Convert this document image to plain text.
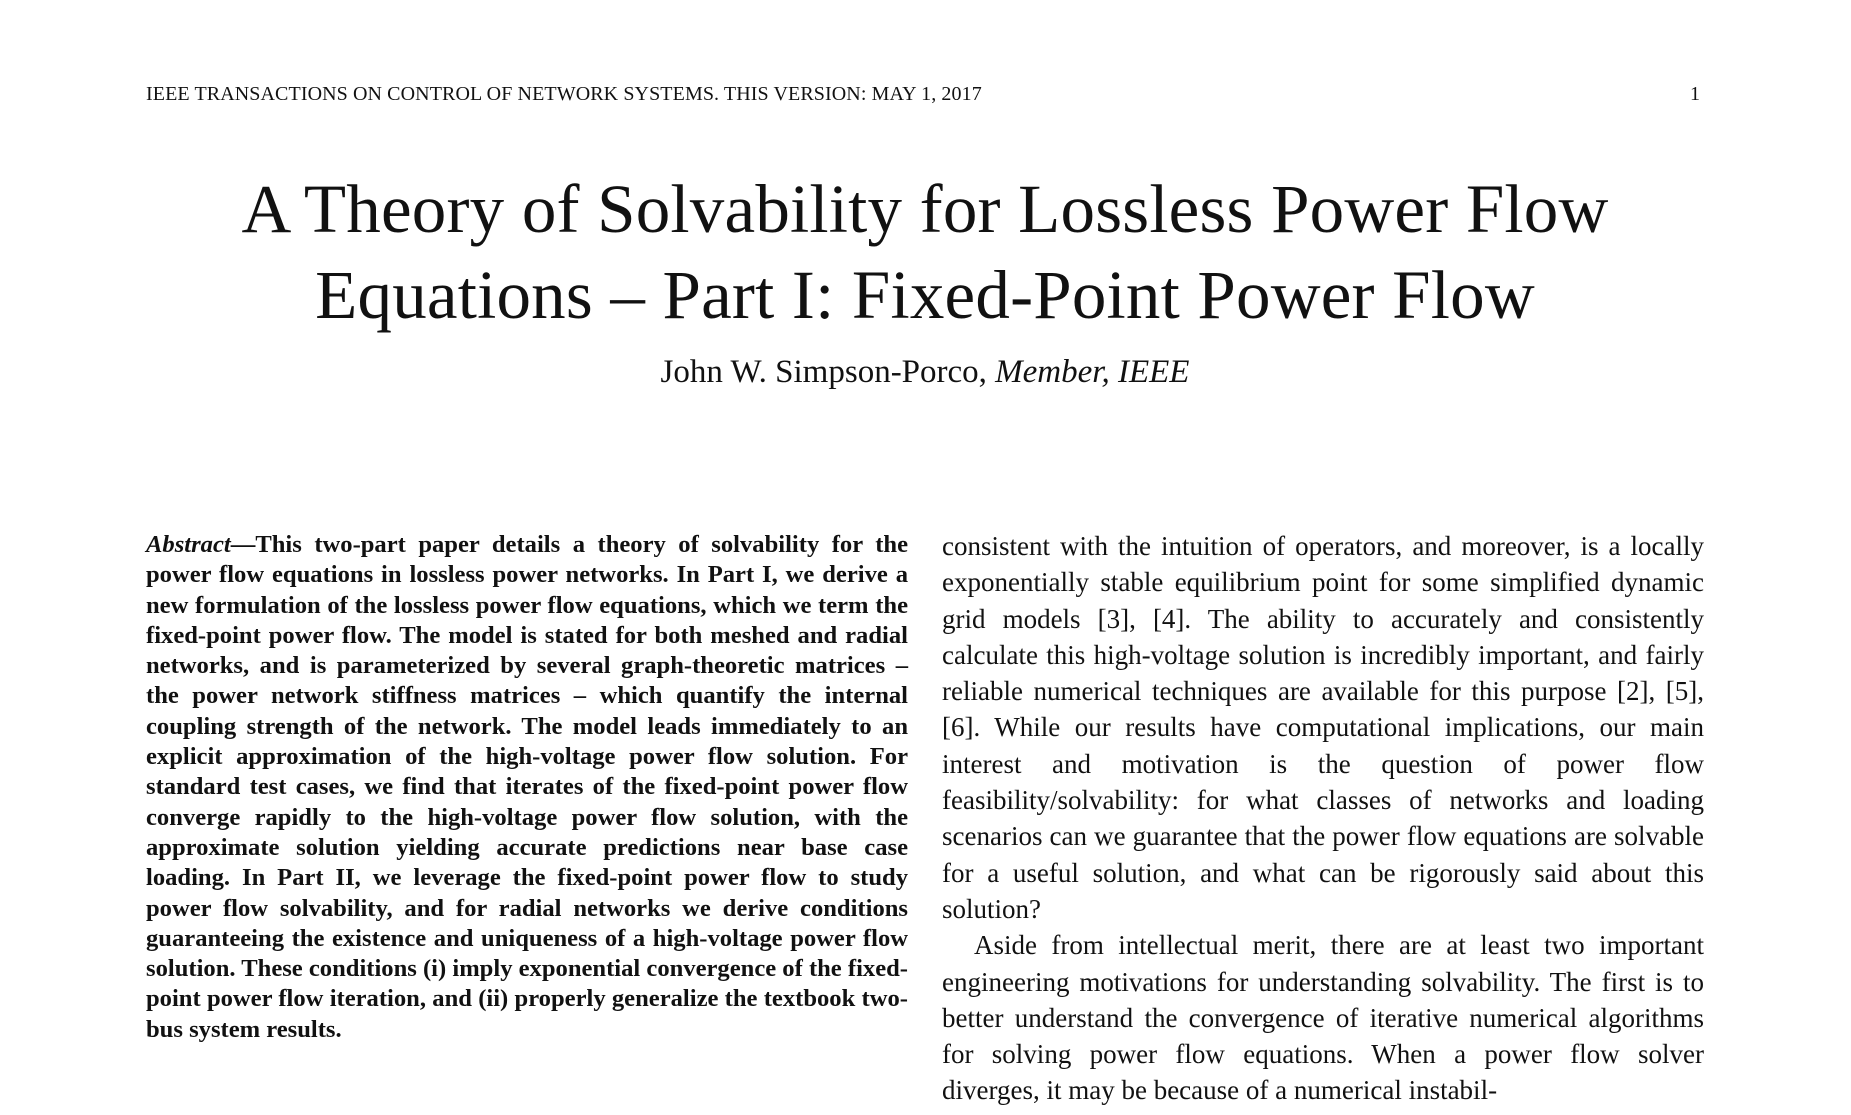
IEEE TRANSACTIONS ON CONTROL OF NETWORK SYSTEMS. THIS VERSION: MAY 1, 2017	1
A Theory of Solvability for Lossless Power Flow
Equations – Part I: Fixed-Point Power Flow
John W. Simpson-Porco, Member, IEEE

Abstract—This two-part paper details a theory of solvability for the power flow equations in lossless power networks. In Part I, we derive a new formulation of the lossless power flow equations, which we term the fixed-point power flow. The model is stated for both meshed and radial networks, and is parameterized by several graph-theoretic matrices – the power network stiffness matrices – which quantify the internal coupling strength of the network. The model leads immediately to an explicit approximation of the high-voltage power flow solution. For standard test cases, we find that iterates of the fixed-point power flow converge rapidly to the high-voltage power flow solution, with the approximate solution yielding accurate predictions near base case loading. In Part II, we leverage the fixed-point power flow to study power flow solvability, and for radial networks we derive conditions guaranteeing the existence and uniqueness of a high-voltage power flow solution. These conditions (i) imply exponential convergence of the fixed-point power flow iteration, and (ii) properly generalize the textbook two-bus system results.

consistent with the intuition of operators, and moreover, is a locally exponentially stable equilibrium point for some simplified dynamic grid models [3], [4]. The ability to accurately and consistently calculate this high-voltage solution is incredibly important, and fairly reliable numerical techniques are available for this purpose [2], [5], [6]. While our results have computational implications, our main interest and motivation is the question of power flow feasibility/solvability: for what classes of networks and loading scenarios can we guarantee that the power flow equations are solvable for a useful solution, and what can be rigorously said about this solution?

Aside from intellectual merit, there are at least two important engineering motivations for understanding solvability. The first is to better understand the convergence of iterative numerical algorithms for solving power flow equations. When a power flow solver diverges, it may be because of a numerical instabil-
